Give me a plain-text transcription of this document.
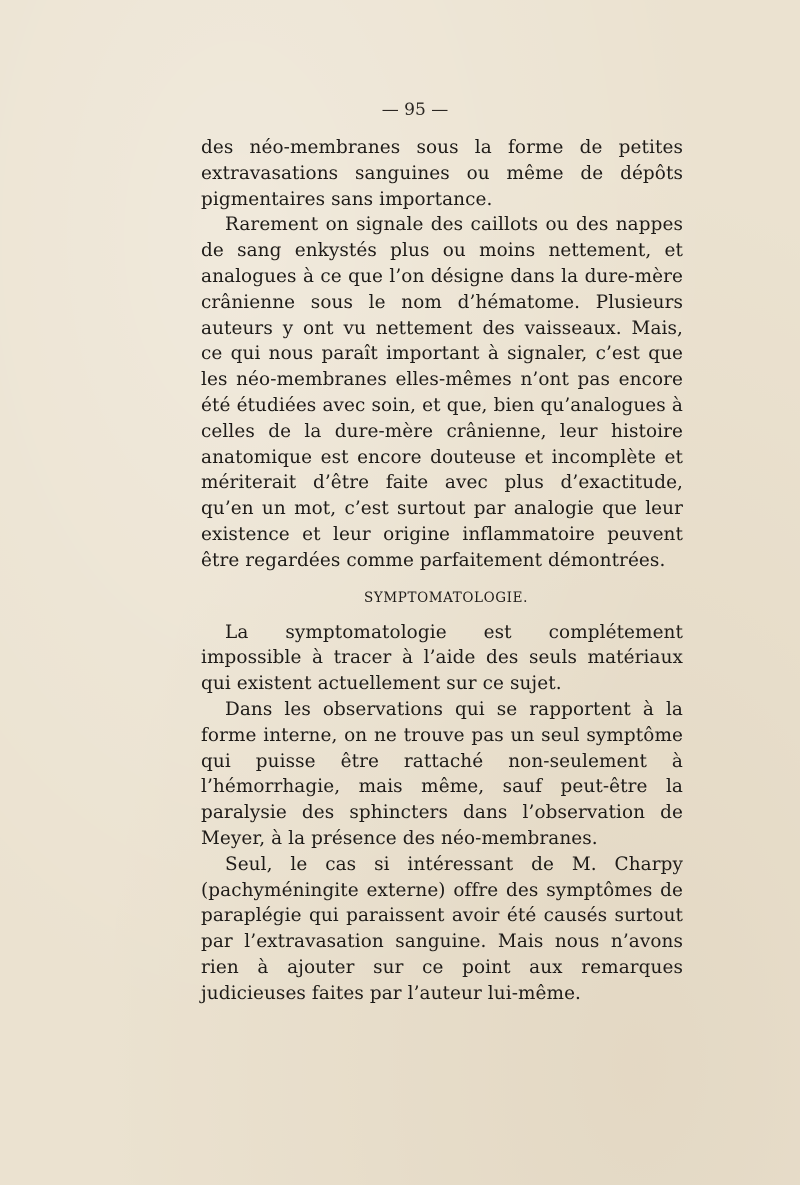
— 95 —

des néo-membranes sous la forme de petites extravasations sanguines ou même de dépôts pigmentaires sans importance.

Rarement on signale des caillots ou des nappes de sang enkystés plus ou moins nettement, et analogues à ce que l’on désigne dans la dure-mère crânienne sous le nom d’hématome. Plusieurs auteurs y ont vu nettement des vaisseaux. Mais, ce qui nous paraît important à signaler, c’est que les néo-membranes elles-mêmes n’ont pas encore été étudiées avec soin, et que, bien qu’analogues à celles de la dure-mère crânienne, leur histoire anatomique est encore douteuse et incomplète et mériterait d’être faite avec plus d’exactitude, qu’en un mot, c’est surtout par analogie que leur existence et leur origine inflammatoire peuvent être regardées comme parfaitement démontrées.

SYMPTOMATOLOGIE.

La symptomatologie est complétement impossible à tracer à l’aide des seuls matériaux qui existent actuellement sur ce sujet.

Dans les observations qui se rapportent à la forme interne, on ne trouve pas un seul symptôme qui puisse être rattaché non-seulement à l’hémorrhagie, mais même, sauf peut-être la paralysie des sphincters dans l’observation de Meyer, à la présence des néo-membranes.

Seul, le cas si intéressant de M. Charpy (pachyméningite externe) offre des symptômes de paraplégie qui paraissent avoir été causés surtout par l’extravasation sanguine. Mais nous n’avons rien à ajouter sur ce point aux remarques judicieuses faites par l’auteur lui-même.
